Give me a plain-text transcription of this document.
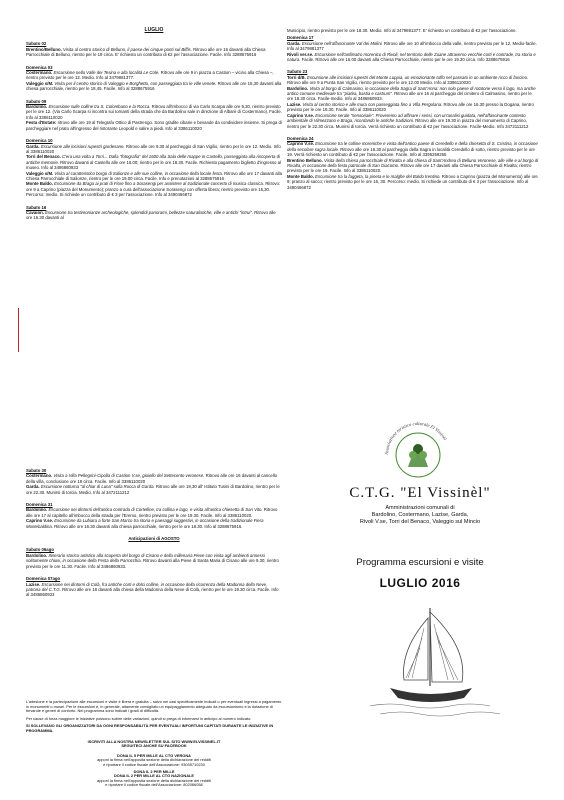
LUGLIO
Sabato 02

Brentino/Belluno. Visita al centro storico di Belluno, il paese dei cinque ponti sul Biffis. Ritrovo alle ore 16 davanti alla Chiesa Parrocchiale di Belluno, rientro per le 19 circa. E' richiesto un contributo di €2 per l'associazione. Facile. Info 3288675916

Domenica 03

Costermano. Escursione nella Valle dei Tesina e alla località Le Cole. Ritrovo alle ore 9 in piazza a Castion – vicino alla Chiesa –, rientro previsto per le ore 12. Medio. Info al 3479881377.

Valeggio s/M. Visita per il centro storico di Valeggio e Borghetto, con passeggiata tra le ville venete. Ritrovo alle ore 15,30 davanti alla chiesa parrocchiale, rientro per le 18,45. Facile. Info al 3288675916

Sabato 09

Bardolino. Escursione sulle colline tra S. Colombano e la Rocca. Ritrovo all'imbocco di via Carlo Scarpa alle ore 9,30, rientro previsto per le ore 12. (Via Carlo Scarpa si incontra sui tornanti della strada che da Bardolino sale in direzione di Albarè di Costermano). Facile. Info al 3386110020

Festa d'Estate: ritrovo alle ore 19 al Telegrafo Ottico di Pastrengo. Sono gradite cibarie e bevande da condividere insieme. Si prega di parcheggiare nel prato all'ingresso del ristorante Leopold e salire a piedi. Info al 3386110020

Domenica 10

Garda. Escursione alle incisioni rupestri gardesane. Ritrovo alle ore 9.30 al parcheggio di San Vigilio, rientro per le ore 12. Medio. Info al 3386110020

Torri del Benaco. C'era una volta a Torri... Dalla "fotografia" del 1600 alla Sala delle mappe in Castello, passeggiata alla riscoperta di antiche memorie. Ritrovo davanti al Castello alle ore 16.00; rientro per le ore 18.30. Facile. Richiesto pagamento biglietto d'ingresso al museo. Info al 3486860933

Valeggio s/M. Visita al caratteristico borgo di Salionze e alle sue colline, in occasione della locale festa. Ritrovo alle ore 17 davanti alla Chiesa Parrocchiale di Salionze, rientro per le ore 19.00 circa. Facile. Info e prenotazioni al 3288675916

Monte Baldo. Escursione da Braga ai prati di Fiore fino a Sorasengi per assistere al tradizionale concerto di musica classica. Ritrovo: ore 9 a Caprino (piazza del Monumento); pranzo a cura dell'associazione Sorasengi con offerta libera; rientro previsto ore 15,30. Percorso: medio. Si richiede un contributo di € 3 per l'associazione. Info al 3490466872

Sabato 16

Cavaion. Escursione tra testimonianze archeologiche, splendidi panorami, bellezze naturalistiche, ville e antichi "intrui". Ritrovo alle ore 16.30 davanti al

Municipio, rientro previsto per le ore 18.30. Medio. Info al 3479881377. E' richiesto un contributo di €2 per l'associazione.

Domenica 17

Garda. Escursione nell'affascinante Val dei Molini. Ritrovo alle ore 10 all'imbocco della valle, rientro previsto per le 12. Medio-facile. Info al 3479881377

Rivoli ver.se. Escursione nell'anfiteatro morenico di Rivoli, nel territorio delle Zuane attraverso vecchie corti e contrade, tra storia e natura. Facile. Ritrovo alle ore 16.00 davanti alla Chiesa Parrocchiale, rientro per le ore 19.30 circa. Info 3288675916

Sabato 23

Torri d/B. Escursione alle incisioni rupestri del Monte Luppia, un emozionante tuffo nel passato in un ambiente ricco di fascino. Ritrovo alle ore 9 a Punta San Vigilio, rientro previsto per le ore 12.00 Medio. Info al 3386110020

Bardolino. Visita al borgo di Calmasino, in occasione della Sagra di Sant'Anna: non solo paese di rotatorie verso il lago, ma anche antico comune medievale tra "piatèa, bastia e castrum". Ritrovo alle ore 16 al parcheggio del cimitero di Calmasino, rientro per le ore 18.30 circa. Facile-medio. Info al 3486860933.

Lazise. Visita al centro storico e alle mura con passeggiata fino a Villa Pergolana. Ritrovo alle ore 16.30 presso la Dogana, rientro previsto per le ore 19.30. Facile. Info al 3386110020

Caprino V.se. Escursione serale "sensoriale". Proveremo ad affinare i sensi, con un'analisi guidata, nell'affascinante contesto ambientale di Vilmezzano e Braga, ricordando le antiche tradizioni. Ritrovo alle ore 19.30 in piazza del monumento di Caprino, rientro per le 22.30 circa. Munirsi di torcia. Verrà richiesto un contributo di €2 per l'associazione. Facile-Medio. Info 3472111212

Domenica 24

Caprino V.se. Escursione tra le colline moreniche e visita dell'antico paese di Ceredello e della chiesetta di S. Cristina, in occasione della secolare sagra locale. Ritrovo alle ore 16.30 al parcheggio della Sagra in località Ceredello di sotto, rientro previsto per le ore 19. Verrà richiesto un contributo di €2 per l'associazione. Facile. Info al 3395259265

Brentino Belluno. Visita della chiesa parrocchiale di Rivalta e alla chiesa di Sant'Andrea di Belluno Veronese, alle ville e al borgo di Rivalta, in occasione della festa patronale di San Giacomo. Ritrovo alle ore 17 davanti alla Chiesa Parrocchiale di Rivalta; rientro previsto per le ore 19. Facile. Info al 3386110020.

Monte Baldo. Escursione tra la faggeta, la pineta e le malghe del Baldo trentino. Ritrovo a Caprino (piazza del Monumento) alle ore 9; pranzo al sacco; rientro previsto per le ore 16, 30. Percorso: medio. Si richiede un contributo di € 3 per l'associazione. Info al 3490466872

Sabato 30

Costermano. Visita a Villa Pellegrini-Cipolla di Castion V.se, gioiello del Settecento veronese. Ritrovo alle ore 16 davanti al cancello della villa, conclusione ore 18 circa. Facile. Info al 3386110020

Garda. Escursione notturna "al chiar di Luna" sulla Rocca di Garda. Ritrovo alle ore 19,30 all' Istituto Tusini di Bardolino, rientro per le ore 22.30. Munirsi di torcia. Medio. Info al 3472111212

Domenica 31

Bardolino. Escursione nei dintorni dell'antica contrada di Cortelline, tra collina e lago, e visita all'antica chiesetta di San Vito. Ritrovo alle ore 17 al capitello all'imbocco della strada per l'Eremo, rientro previsto per le ore 19.30. Facile. Info al 3386110020.

Caprino V.se. Escursione da Lubiara a forte San Marco tra storia e paesaggi suggestivi, in occasione della tradizionale Fiera Montebaldina. Ritrovo alle ore 16.30 davanti alla chiesa parrocchiale, rientro per le ore 18.30. Info al 3288675916.

Anticipazioni di AGOSTO
Sabato 06ago

Bardolino. Itinerario storico-artistico alla scoperta del borgo di Cisano e della millenaria Pieve con visita agli ambienti annessi solitamente chiusi, in occasione della Festa della Parrocchia. Ritrovo davanti alla Pieve di Santa Maria di Cisano alle ore 9.30, rientro previsto per le ore 11.30. Facile. Info al 3486860933.

Domenica 07ago

Lazise. Escursione nei dintorni di Colà, fra antiche corti e dolci colline, in occasione della ricorrenza della Madonna della Neve, patrona del C.T.G. Ritrovo alle ore 18 davanti alla chiesa della Madonna della Neve di Colà, rientro per le ore 19.30 circa. Facile. Info al 3486860933

L'adesione e la partecipazione alle escursioni e visite è libera e gratuita – salvo nei casi specificamente indicati o per eventuali ingressi a pagamento in monumenti o musei. Per le escursioni è, in generale, altamente consigliato un equipaggiamento adeguato da escursionismo e la dotazione di bevande e generi di conforto. Nel programma sono indicati i gradi di difficoltà.

Per cause di forza maggiore le iniziative possono subire delle variazioni, quindi si prega di informarsi in anticipo al numero indicato.

SI SOLLEVANO GLI ORGANIZZATORI DA OGNI RESPONSABILITÀ PER EVENTUALI INFORTUNI CAPITATI DURANTE LE INIZIATIVE IN PROGRAMMA.

ISCRIVITI ALLA NOSTRA NEWSLETTER SUL SITO WWW.ELVISSINEL.IT
SEGUITECI ANCHE SU FACEBOOK
DONA IL 5 PER MILLE AL CTG VERONA
apponi la firma nell'apposita sezione della dichiarazione dei redditi
e riportare il codice fiscale dell'Associazione: 93035710230
DONA IL 2 PER MILLE
DONA IL 2 PER MILLE AL CTG NAZIONALE
apponi la firma nell'apposita sezione della dichiarazione dei redditi
e riportare il codice fiscale dell'Associazione: 802066058
Associazione turistico culturale El Vissinèl
C.T.G. "El Vissinèl"
Amministrazioni comunali di
Bardolino, Costermano, Lazise, Garda,
Rivoli V.se, Torri del Benaco, Valeggio sul Mincio
Programma escursioni e visite
LUGLIO 2016
